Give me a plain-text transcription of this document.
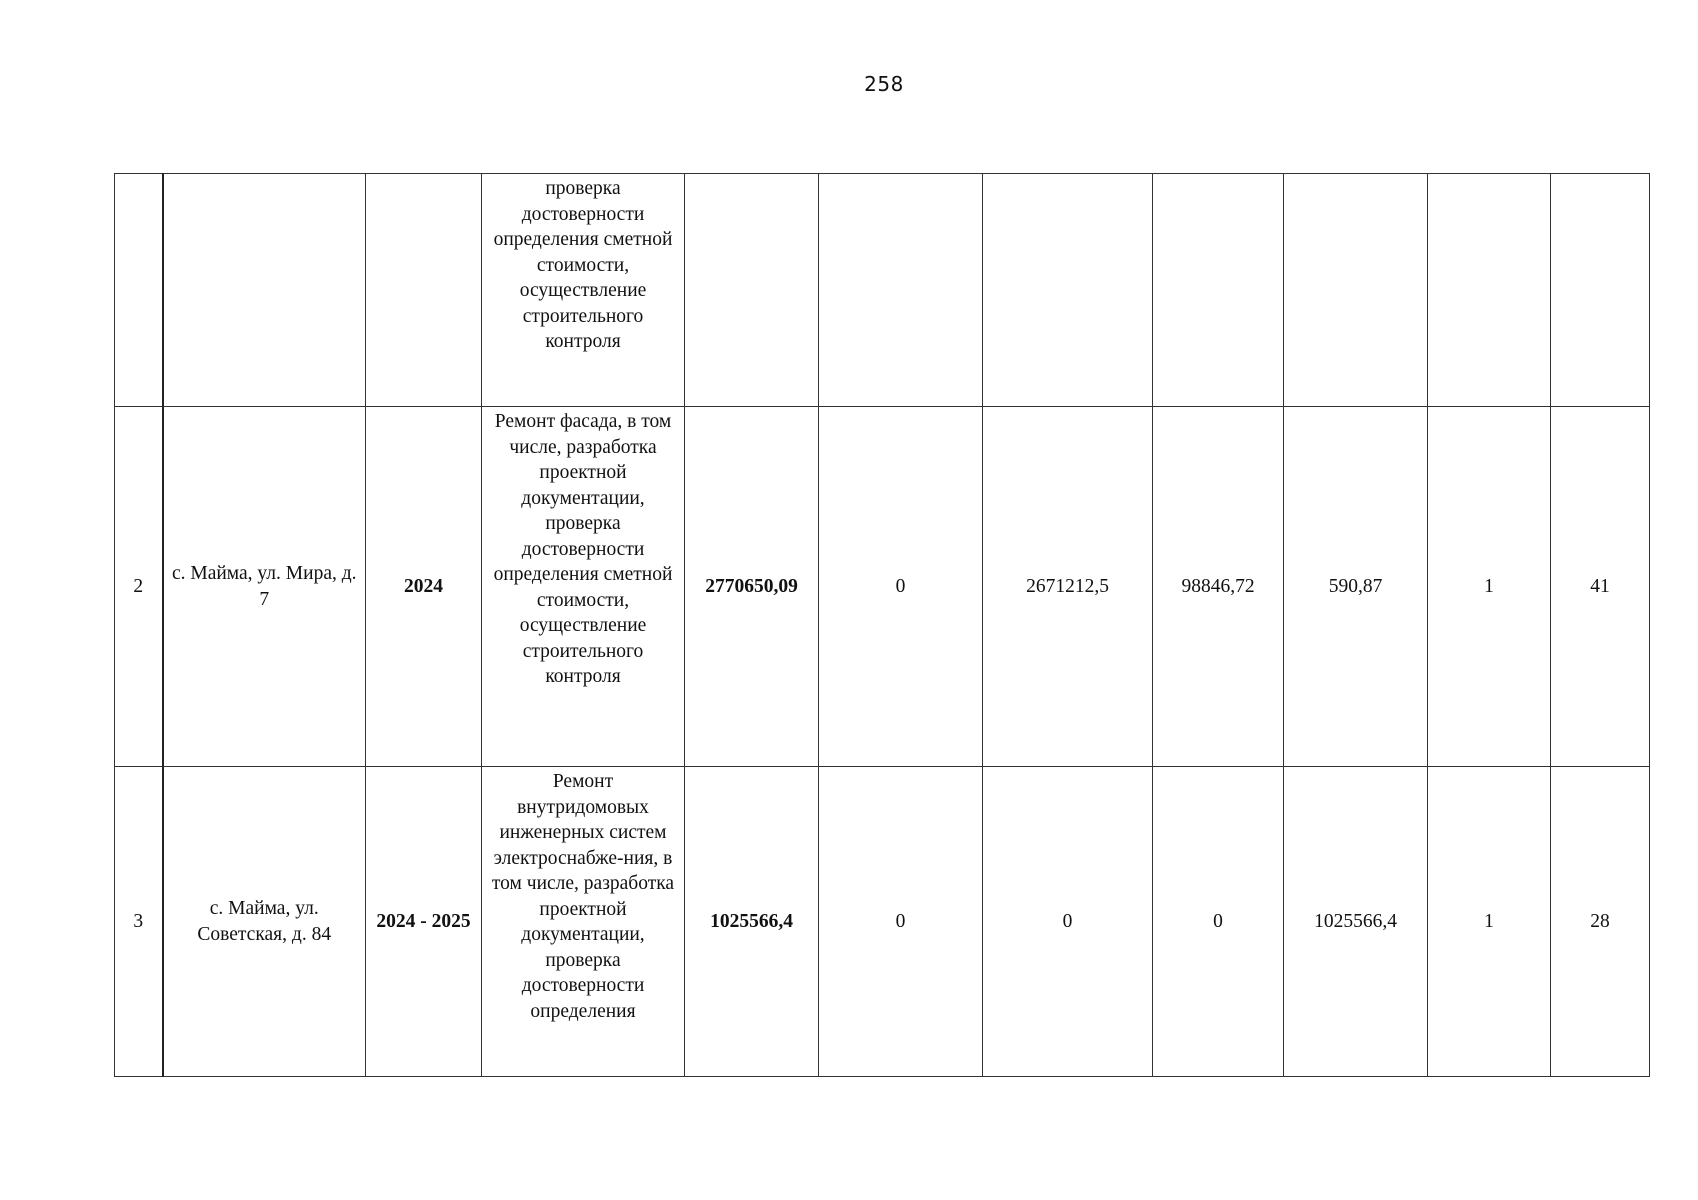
258
			проверка достоверности определения сметной стоимости, осуществление строительного контроля							
2	с. Майма, ул. Мира, д. 7	2024	Ремонт фасада, в том числе, разработка проектной документации, проверка достоверности определения сметной стоимости, осуществление строительного контроля	2770650,09	0	2671212,5	98846,72	590,87	1	41
3	с. Майма, ул. Советская, д. 84	2024 - 2025	Ремонт внутридомовых инженерных систем электроснабже-ния, в том числе, разработка проектной документации, проверка достоверности определения	1025566,4	0	0	0	1025566,4	1	28
